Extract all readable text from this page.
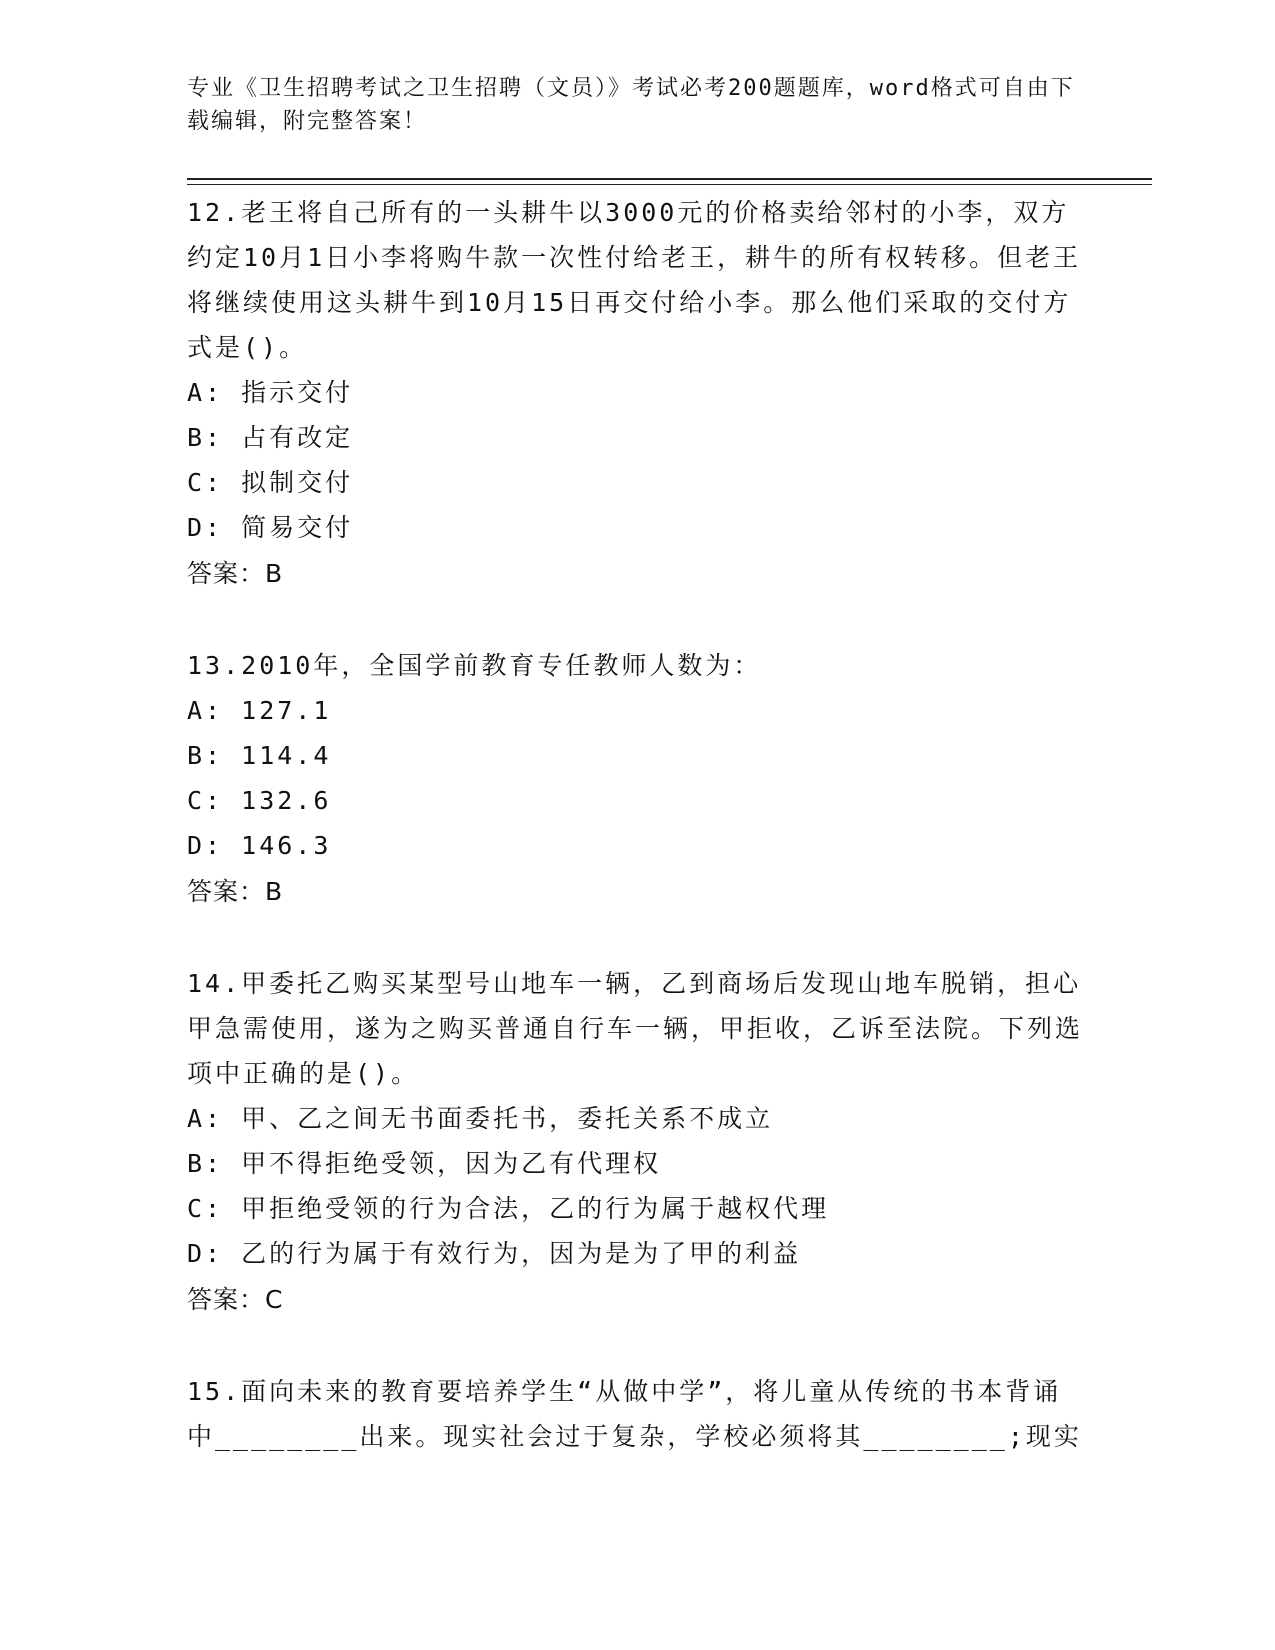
专业《卫生招聘考试之卫生招聘（文员）》考试必考200题题库，word格式可自由下载编辑，附完整答案！

12.老王将自己所有的一头耕牛以3000元的价格卖给邻村的小李，双方约定10月1日小李将购牛款一次性付给老王，耕牛的所有权转移。但老王将继续使用这头耕牛到10月15日再交付给小李。那么他们采取的交付方式是()。

A: 指示交付

B: 占有改定

C: 拟制交付

D: 简易交付

答案：B

13.2010年，全国学前教育专任教师人数为：

A: 127.1

B: 114.4

C: 132.6

D: 146.3

答案：B

14.甲委托乙购买某型号山地车一辆，乙到商场后发现山地车脱销，担心甲急需使用，遂为之购买普通自行车一辆，甲拒收，乙诉至法院。下列选项中正确的是()。

A: 甲、乙之间无书面委托书，委托关系不成立

B: 甲不得拒绝受领，因为乙有代理权

C: 甲拒绝受领的行为合法，乙的行为属于越权代理

D: 乙的行为属于有效行为，因为是为了甲的利益

答案：C

15.面向未来的教育要培养学生“从做中学”，将儿童从传统的书本背诵中________出来。现实社会过于复杂，学校必须将其________;现实
